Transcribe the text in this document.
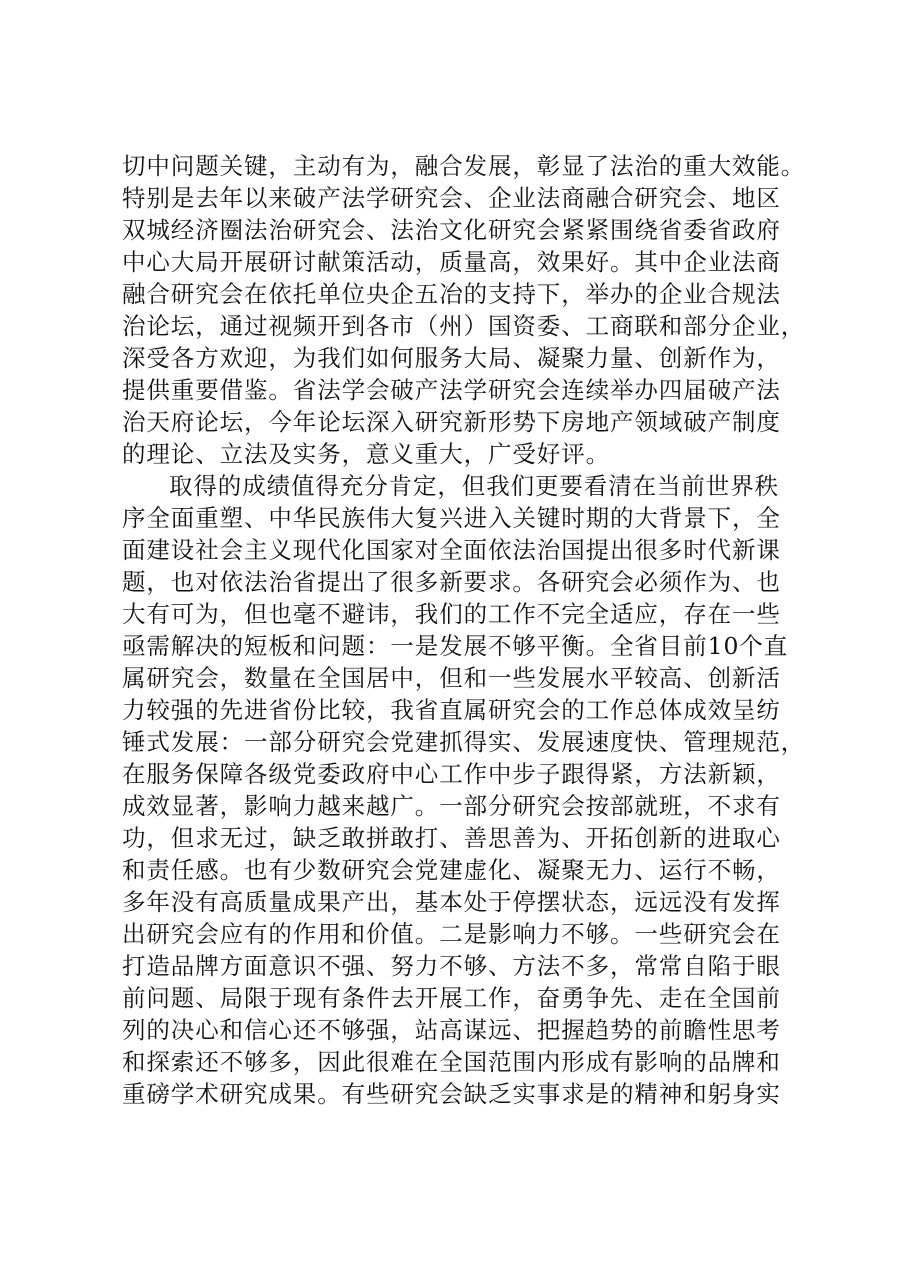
切中问题关键，主动有为，融合发展，彰显了法治的重大效能。
特别是去年以来破产法学研究会、企业法商融合研究会、地区
双城经济圈法治研究会、法治文化研究会紧紧围绕省委省政府
中心大局开展研讨献策活动，质量高，效果好。其中企业法商
融合研究会在依托单位央企五冶的支持下，举办的企业合规法
治论坛，通过视频开到各市（州）国资委、工商联和部分企业，
深受各方欢迎，为我们如何服务大局、凝聚力量、创新作为，
提供重要借鉴。省法学会破产法学研究会连续举办四届破产法
治天府论坛，今年论坛深入研究新形势下房地产领域破产制度
的理论、立法及实务，意义重大，广受好评。
取得的成绩值得充分肯定，但我们更要看清在当前世界秩
序全面重塑、中华民族伟大复兴进入关键时期的大背景下，全
面建设社会主义现代化国家对全面依法治国提出很多时代新课
题，也对依法治省提出了很多新要求。各研究会必须作为、也
大有可为，但也毫不避讳，我们的工作不完全适应，存在一些
亟需解决的短板和问题：一是发展不够平衡。全省目前10个直
属研究会，数量在全国居中，但和一些发展水平较高、创新活
力较强的先进省份比较，我省直属研究会的工作总体成效呈纺
锤式发展：一部分研究会党建抓得实、发展速度快、管理规范，
在服务保障各级党委政府中心工作中步子跟得紧，方法新颖，
成效显著，影响力越来越广。一部分研究会按部就班，不求有
功，但求无过，缺乏敢拼敢打、善思善为、开拓创新的进取心
和责任感。也有少数研究会党建虚化、凝聚无力、运行不畅，
多年没有高质量成果产出，基本处于停摆状态，远远没有发挥
出研究会应有的作用和价值。二是影响力不够。一些研究会在
打造品牌方面意识不强、努力不够、方法不多，常常自陷于眼
前问题、局限于现有条件去开展工作，奋勇争先、走在全国前
列的决心和信心还不够强，站高谋远、把握趋势的前瞻性思考
和探索还不够多，因此很难在全国范围内形成有影响的品牌和
重磅学术研究成果。有些研究会缺乏实事求是的精神和躬身实
